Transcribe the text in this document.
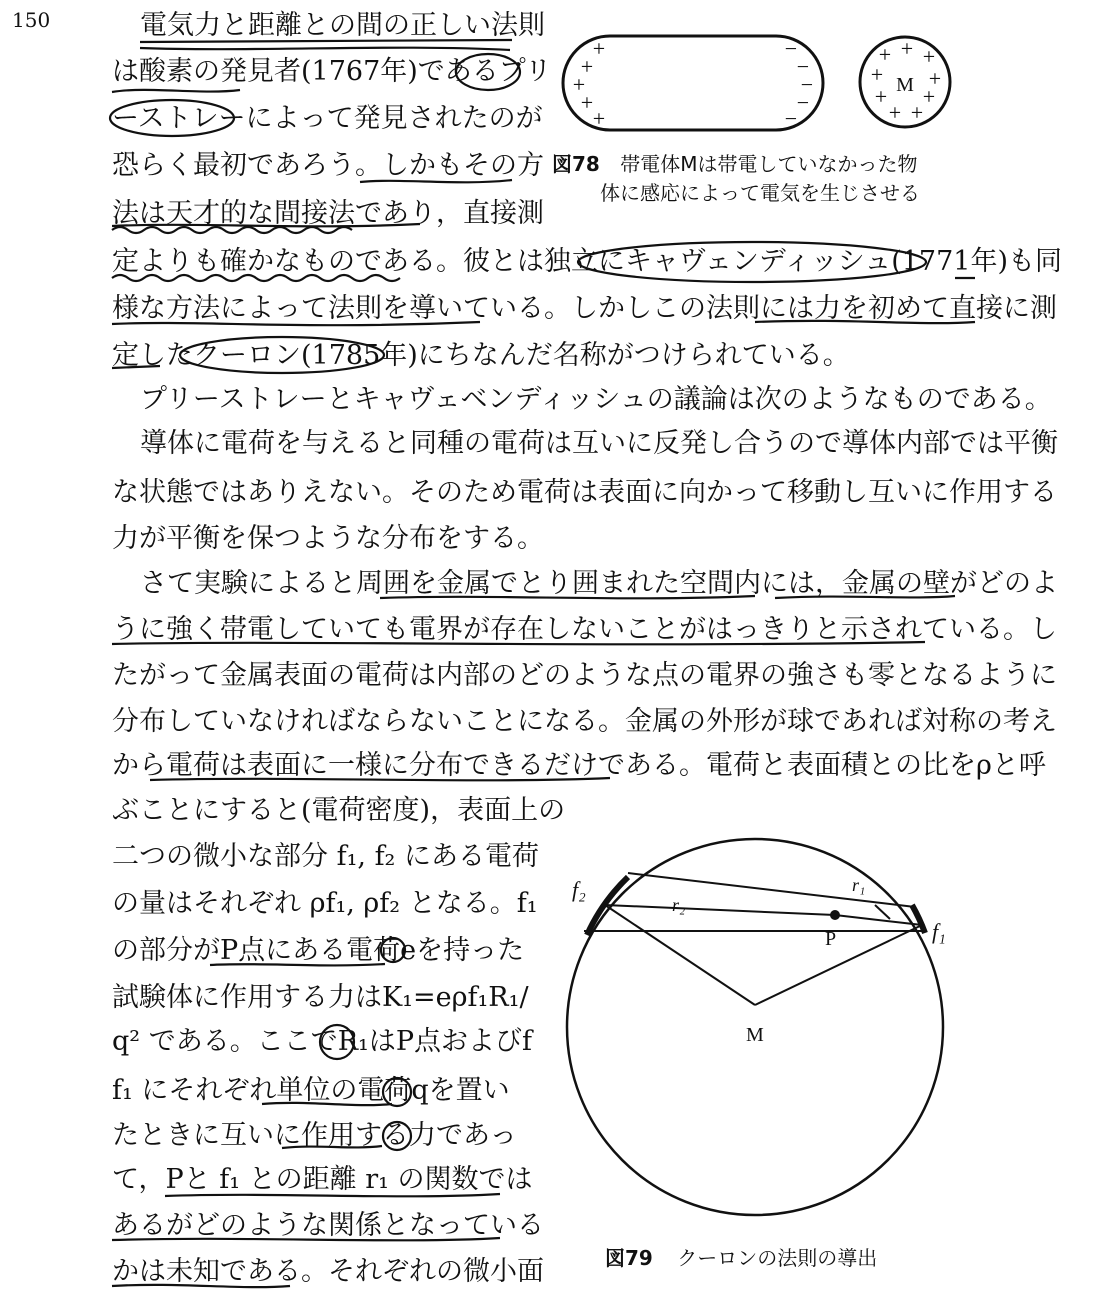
150	電気力と距離との間の正しい法則
は酸素の発見者(1767年)であるプリ
ーストレーによって発見されたのが
恐らく最初であろう。しかもその方
法は天才的な間接法であり，直接測
定よりも確かなものである。彼とは独立にキャヴェンディッシュ(1771年)も同
様な方法によって法則を導いている。しかしこの法則には力を初めて直接に測
定したクーロン(1785年)にちなんだ名称がつけられている。
プリーストレーとキャヴェベンディッシュの議論は次のようなものである。
導体に電荷を与えると同種の電荷は互いに反発し合うので導体内部では平衡
な状態ではありえない。そのため電荷は表面に向かって移動し互いに作用する
力が平衡を保つような分布をする。
さて実験によると周囲を金属でとり囲まれた空間内には，金属の壁がどのよ
うに強く帯電していても電界が存在しないことがはっきりと示されている。し
たがって金属表面の電荷は内部のどのような点の電界の強さも零となるように
分布していなければならないことになる。金属の外形が球であれば対称の考え
から電荷は表面に一様に分布できるだけである。電荷と表面積との比をρと呼
ぶことにすると(電荷密度)，表面上の
二つの微小な部分 f₁, f₂ にある電荷
の量はそれぞれ ρf₁, ρf₂ となる。f₁
の部分がP点にある電荷eを持った
試験体に作用する力はK₁=eρf₁R₁/
q² である。ここでR₁はP点およびf
f₁ にそれぞれ単位の電荷qを置い
たときに互いに作用する力であっ
て，Pと f₁ との距離 r₁ の関数では
あるがどのような関係となっている
かは未知である。それぞれの微小面
+
+
+
+
+
−
−
−
−
−
+ + +
+ +
+ +
+ +
M
図78 帯電体Mは帯電していなかった物
体に感応によって電気を生じさせる
f₂
f₁
r₁
r₂
P
M
図79 クーロンの法則の導出
